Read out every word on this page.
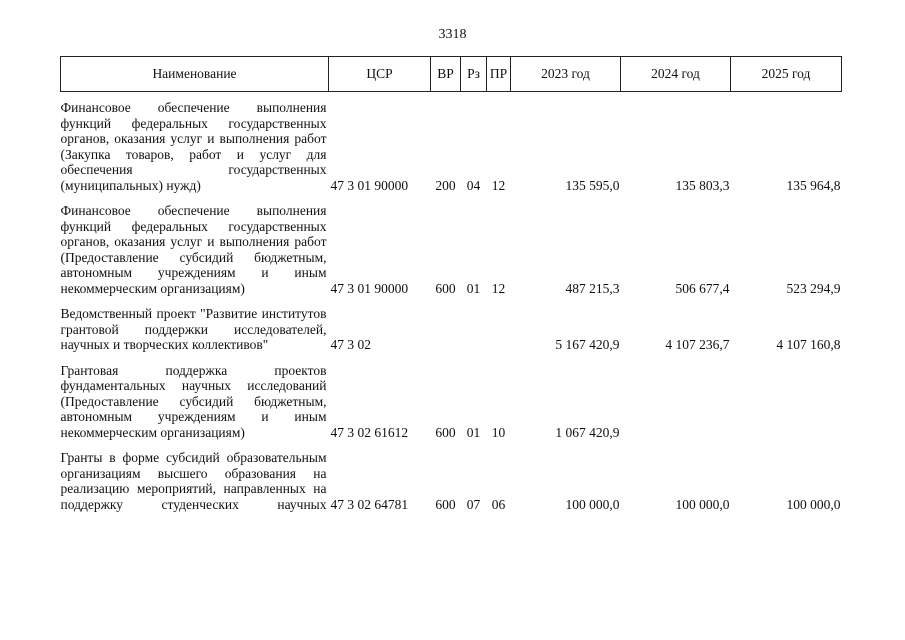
3318
Наименование	ЦСР	ВР	Рз	ПР	2023 год	2024 год	2025 год
Финансовое обеспечение выполнения функций федеральных государственных органов, оказания услуг и выполнения работ (Закупка товаров, работ и услуг для обеспечения государственных (муниципальных) нужд)	47 3 01 90000	200	04	12	135 595,0	135 803,3	135 964,8

Финансовое обеспечение выполнения функций федеральных государственных органов, оказания услуг и выполнения работ (Предоставление субсидий бюджетным, автономным учреждениям и иным некоммерческим организациям)	47 3 01 90000	600	01	12	487 215,3	506 677,4	523 294,9

Ведомственный проект "Развитие институтов грантовой поддержки исследователей, научных и творческих коллективов"	47 3 02				5 167 420,9	4 107 236,7	4 107 160,8

Грантовая поддержка проектов фундаментальных научных исследований (Предоставление субсидий бюджетным, автономным учреждениям и иным некоммерческим организациям)	47 3 02 61612	600	01	10	1 067 420,9		

Гранты в форме субсидий образовательным организациям высшего образования на реализацию мероприятий, направленных на поддержку студенческих научных	47 3 02 64781	600	07	06	100 000,0	100 000,0	100 000,0
